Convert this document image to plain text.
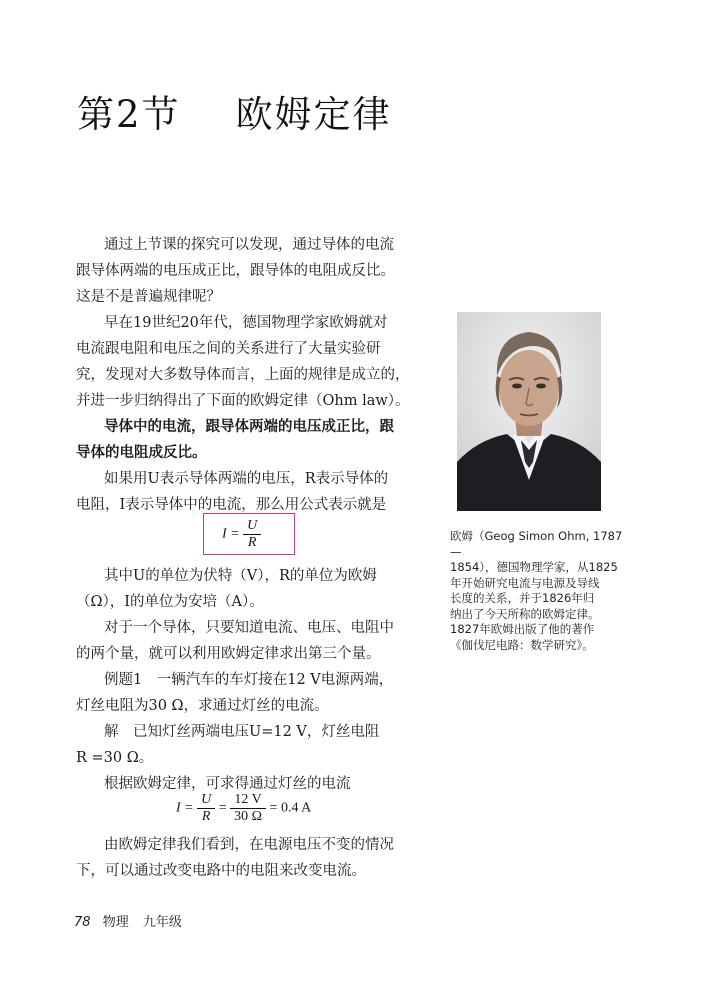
第2节 欧姆定律
通过上节课的探究可以发现，通过导体的电流
跟导体两端的电压成正比，跟导体的电阻成反比。
这是不是普遍规律呢？
早在19世纪20年代，德国物理学家欧姆就对
电流跟电阻和电压之间的关系进行了大量实验研
究，发现对大多数导体而言，上面的规律是成立的，
并进一步归纳得出了下面的欧姆定律（Ohm law）。
导体中的电流，跟导体两端的电压成正比，跟
导体的电阻成反比。
如果用U表示导体两端的电压，R表示导体的
电阻，I表示导体中的电流，那么用公式表示就是
$I = \frac{U}{R}$
其中U的单位为伏特（V），R的单位为欧姆
（Ω），I的单位为安培（A）。
对于一个导体，只要知道电流、电压、电阻中
的两个量，就可以利用欧姆定律求出第三个量。
例题1　一辆汽车的车灯接在12 V电源两端，
灯丝电阻为30 Ω，求通过灯丝的电流。
解　已知灯丝两端电压U=12 V，灯丝电阻
R =30 Ω。
根据欧姆定律，可求得通过灯丝的电流
$I = \frac{U}{R} = \frac{12 V}{30 \Omega} = 0.4$ A
由欧姆定律我们看到，在电源电压不变的情况
下，可以通过改变电路中的电阻来改变电流。
欧姆（Geog Simon Ohm, 1787—
1854），德国物理学家，从1825
年开始研究电流与电源及导线
长度的关系，并于1826年归
纳出了今天所称的欧姆定律。
1827年欧姆出版了他的著作
《伽伐尼电路：数学研究》。
78 物理 九年级
